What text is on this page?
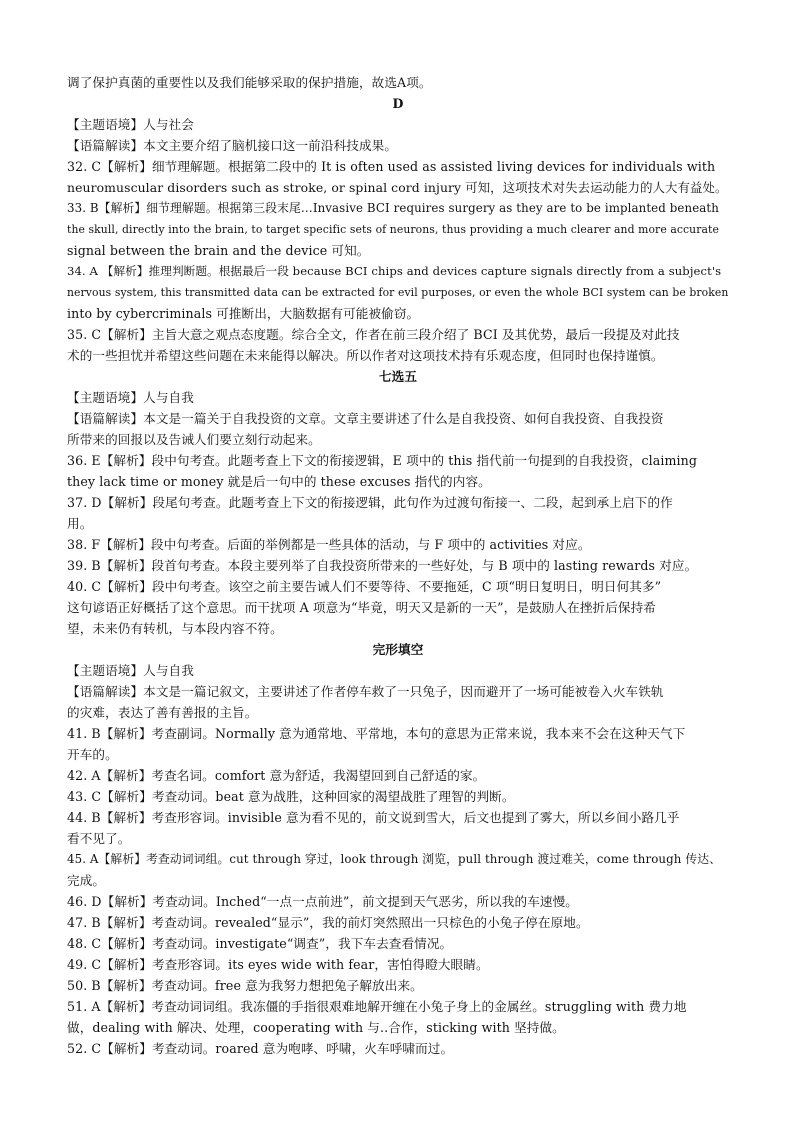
调了保护真菌的重要性以及我们能够采取的保护措施，故选A项。
D
【主题语境】人与社会
【语篇解读】本文主要介绍了脑机接口这一前沿科技成果。
32. C【解析】细节理解题。根据第二段中的 It is often used as assisted living devices for individuals with
neuromuscular disorders such as stroke, or spinal cord injury 可知，这项技术对失去运动能力的人大有益处。
33. B【解析】细节理解题。根据第三段末尾…Invasive BCI requires surgery as they are to be implanted beneath
the skull, directly into the brain, to target specific sets of neurons, thus providing a much clearer and more accurate
signal between the brain and the device 可知。
34. A 【解析】推理判断题。根据最后一段 because BCI chips and devices capture signals directly from a subject's
nervous system, this transmitted data can be extracted for evil purposes, or even the whole BCI system can be broken
into by cybercriminals 可推断出，大脑数据有可能被偷窃。
35. C【解析】主旨大意之观点态度题。综合全文，作者在前三段介绍了 BCI 及其优势，最后一段提及对此技
术的一些担忧并希望这些问题在未来能得以解决。所以作者对这项技术持有乐观态度，但同时也保持谨慎。
七选五
【主题语境】人与自我
【语篇解读】本文是一篇关于自我投资的文章。文章主要讲述了什么是自我投资、如何自我投资、自我投资
所带来的回报以及告诫人们要立刻行动起来。
36. E【解析】段中句考查。此题考查上下文的衔接逻辑，E 项中的 this 指代前一句提到的自我投资，claiming
they lack time or money 就是后一句中的 these excuses 指代的内容。
37. D【解析】段尾句考查。此题考查上下文的衔接逻辑，此句作为过渡句衔接一、二段，起到承上启下的作
用。
38. F【解析】段中句考查。后面的举例都是一些具体的活动，与 F 项中的 activities 对应。
39. B【解析】段首句考查。本段主要列举了自我投资所带来的一些好处，与 B 项中的 lasting rewards 对应。
40. C【解析】段中句考查。该空之前主要告诫人们不要等待、不要拖延，C 项“明日复明日，明日何其多”
这句谚语正好概括了这个意思。而干扰项 A 项意为“毕竟，明天又是新的一天”，是鼓励人在挫折后保持希
望，未来仍有转机，与本段内容不符。
完形填空
【主题语境】人与自我
【语篇解读】本文是一篇记叙文，主要讲述了作者停车救了一只兔子，因而避开了一场可能被卷入火车铁轨
的灾难，表达了善有善报的主旨。
41. B【解析】考查副词。Normally 意为通常地、平常地，本句的意思为正常来说，我本来不会在这种天气下
开车的。
42. A【解析】考查名词。comfort 意为舒适，我渴望回到自己舒适的家。
43. C【解析】考查动词。beat 意为战胜，这种回家的渴望战胜了理智的判断。
44. B【解析】考查形容词。invisible 意为看不见的，前文说到雪大，后文也提到了雾大，所以乡间小路几乎
看不见了。
45. A【解析】考查动词词组。cut through 穿过，look through 浏览，pull through 渡过难关，come through 传达、
完成。
46. D【解析】考查动词。Inched“一点一点前进”，前文提到天气恶劣，所以我的车速慢。
47. B【解析】考查动词。revealed“显示”，我的前灯突然照出一只棕色的小兔子停在原地。
48. C【解析】考查动词。investigate“调查”，我下车去查看情况。
49. C【解析】考查形容词。its eyes wide with fear，害怕得瞪大眼睛。
50. B【解析】考查动词。free 意为我努力想把兔子解放出来。
51. A【解析】考查动词词组。我冻僵的手指很艰难地解开缠在小兔子身上的金属丝。struggling with 费力地
做，dealing with 解决、处理，cooperating with 与..合作，sticking with 坚持做。
52. C【解析】考查动词。roared 意为咆哮、呼啸，火车呼啸而过。
